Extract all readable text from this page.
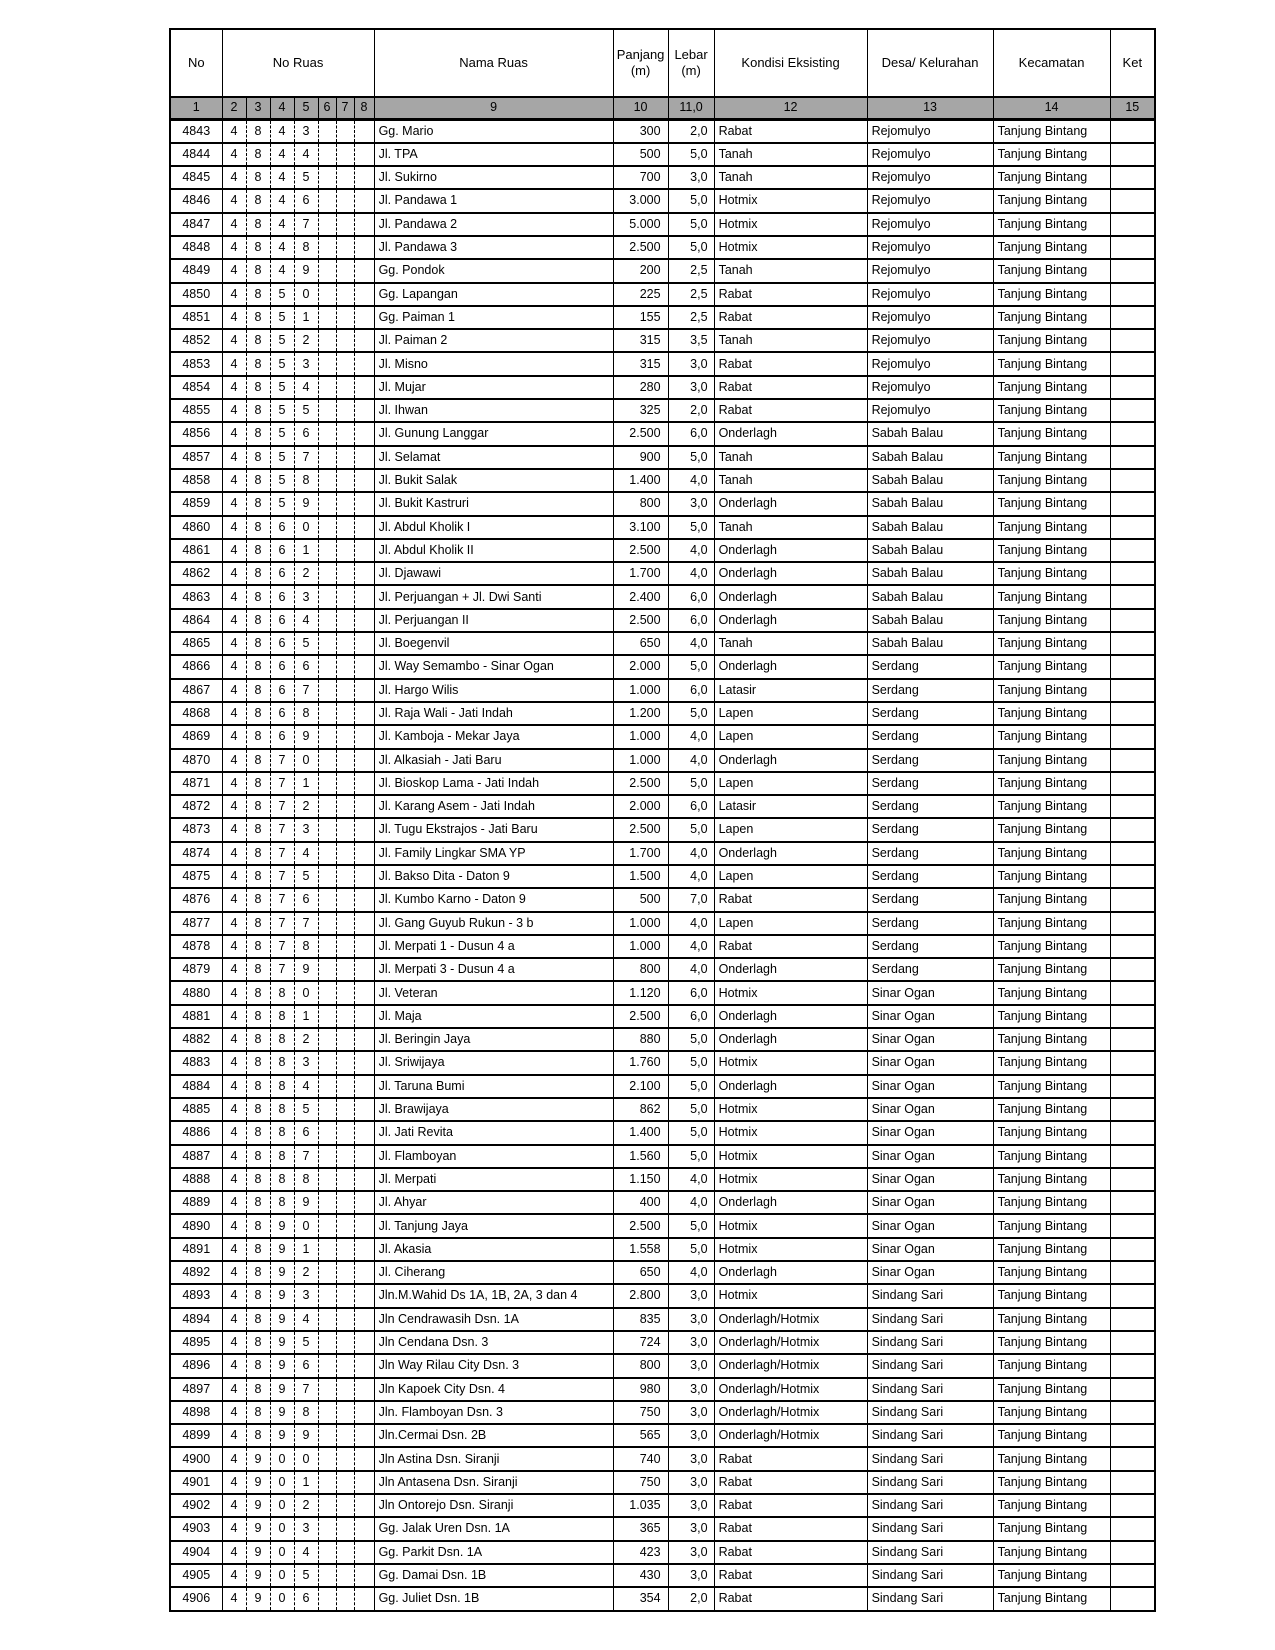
No	No Ruas							Nama Ruas	Panjang
(m)	Lebar
(m)	Kondisi Eksisting	Desa/ Kelurahan	Kecamatan	Ket
1	2	3	4	5	6	7	8	9	10	11,0	12	13	14	15
4843	4	8	4	3				Gg. Mario	300	2,0	Rabat	Rejomulyo	Tanjung Bintang	
4844	4	8	4	4				Jl. TPA	500	5,0	Tanah	Rejomulyo	Tanjung Bintang	
4845	4	8	4	5				Jl. Sukirno	700	3,0	Tanah	Rejomulyo	Tanjung Bintang	
4846	4	8	4	6				Jl. Pandawa 1	3.000	5,0	Hotmix	Rejomulyo	Tanjung Bintang	
4847	4	8	4	7				Jl. Pandawa 2	5.000	5,0	Hotmix	Rejomulyo	Tanjung Bintang	
4848	4	8	4	8				Jl. Pandawa 3	2.500	5,0	Hotmix	Rejomulyo	Tanjung Bintang	
4849	4	8	4	9				Gg. Pondok	200	2,5	Tanah	Rejomulyo	Tanjung Bintang	
4850	4	8	5	0				Gg. Lapangan	225	2,5	Rabat	Rejomulyo	Tanjung Bintang	
4851	4	8	5	1				Gg. Paiman 1	155	2,5	Rabat	Rejomulyo	Tanjung Bintang	
4852	4	8	5	2				Jl. Paiman 2	315	3,5	Tanah	Rejomulyo	Tanjung Bintang	
4853	4	8	5	3				Jl. Misno	315	3,0	Rabat	Rejomulyo	Tanjung Bintang	
4854	4	8	5	4				Jl. Mujar	280	3,0	Rabat	Rejomulyo	Tanjung Bintang	
4855	4	8	5	5				Jl. Ihwan	325	2,0	Rabat	Rejomulyo	Tanjung Bintang	
4856	4	8	5	6				Jl. Gunung Langgar	2.500	6,0	Onderlagh	Sabah Balau	Tanjung Bintang	
4857	4	8	5	7				Jl. Selamat	900	5,0	Tanah	Sabah Balau	Tanjung Bintang	
4858	4	8	5	8				Jl. Bukit Salak	1.400	4,0	Tanah	Sabah Balau	Tanjung Bintang	
4859	4	8	5	9				Jl. Bukit Kastruri	800	3,0	Onderlagh	Sabah Balau	Tanjung Bintang	
4860	4	8	6	0				Jl. Abdul Kholik I	3.100	5,0	Tanah	Sabah Balau	Tanjung Bintang	
4861	4	8	6	1				Jl. Abdul Kholik II	2.500	4,0	Onderlagh	Sabah Balau	Tanjung Bintang	
4862	4	8	6	2				Jl. Djawawi	1.700	4,0	Onderlagh	Sabah Balau	Tanjung Bintang	
4863	4	8	6	3				Jl. Perjuangan + Jl. Dwi Santi	2.400	6,0	Onderlagh	Sabah Balau	Tanjung Bintang	
4864	4	8	6	4				Jl. Perjuangan II	2.500	6,0	Onderlagh	Sabah Balau	Tanjung Bintang	
4865	4	8	6	5				Jl. Boegenvil	650	4,0	Tanah	Sabah Balau	Tanjung Bintang	
4866	4	8	6	6				Jl. Way Semambo - Sinar Ogan	2.000	5,0	Onderlagh	Serdang	Tanjung Bintang	
4867	4	8	6	7				Jl. Hargo Wilis	1.000	6,0	Latasir	Serdang	Tanjung Bintang	
4868	4	8	6	8				Jl. Raja Wali - Jati Indah	1.200	5,0	Lapen	Serdang	Tanjung Bintang	
4869	4	8	6	9				Jl. Kamboja - Mekar Jaya	1.000	4,0	Lapen	Serdang	Tanjung Bintang	
4870	4	8	7	0				Jl. Alkasiah - Jati Baru	1.000	4,0	Onderlagh	Serdang	Tanjung Bintang	
4871	4	8	7	1				Jl. Bioskop Lama - Jati Indah	2.500	5,0	Lapen	Serdang	Tanjung Bintang	
4872	4	8	7	2				Jl. Karang Asem - Jati Indah	2.000	6,0	Latasir	Serdang	Tanjung Bintang	
4873	4	8	7	3				Jl. Tugu Ekstrajos - Jati Baru	2.500	5,0	Lapen	Serdang	Tanjung Bintang	
4874	4	8	7	4				Jl. Family Lingkar SMA YP	1.700	4,0	Onderlagh	Serdang	Tanjung Bintang	
4875	4	8	7	5				Jl. Bakso Dita - Daton 9	1.500	4,0	Lapen	Serdang	Tanjung Bintang	
4876	4	8	7	6				Jl. Kumbo Karno - Daton 9	500	7,0	Rabat	Serdang	Tanjung Bintang	
4877	4	8	7	7				Jl. Gang Guyub Rukun - 3 b	1.000	4,0	Lapen	Serdang	Tanjung Bintang	
4878	4	8	7	8				Jl. Merpati 1 - Dusun 4 a	1.000	4,0	Rabat	Serdang	Tanjung Bintang	
4879	4	8	7	9				Jl. Merpati 3 - Dusun 4 a	800	4,0	Onderlagh	Serdang	Tanjung Bintang	
4880	4	8	8	0				Jl. Veteran	1.120	6,0	Hotmix	Sinar Ogan	Tanjung Bintang	
4881	4	8	8	1				Jl. Maja	2.500	6,0	Onderlagh	Sinar Ogan	Tanjung Bintang	
4882	4	8	8	2				Jl. Beringin Jaya	880	5,0	Onderlagh	Sinar Ogan	Tanjung Bintang	
4883	4	8	8	3				Jl. Sriwijaya	1.760	5,0	Hotmix	Sinar Ogan	Tanjung Bintang	
4884	4	8	8	4				Jl. Taruna Bumi	2.100	5,0	Onderlagh	Sinar Ogan	Tanjung Bintang	
4885	4	8	8	5				Jl. Brawijaya	862	5,0	Hotmix	Sinar Ogan	Tanjung Bintang	
4886	4	8	8	6				Jl. Jati Revita	1.400	5,0	Hotmix	Sinar Ogan	Tanjung Bintang	
4887	4	8	8	7				Jl. Flamboyan	1.560	5,0	Hotmix	Sinar Ogan	Tanjung Bintang	
4888	4	8	8	8				Jl. Merpati	1.150	4,0	Hotmix	Sinar Ogan	Tanjung Bintang	
4889	4	8	8	9				Jl. Ahyar	400	4,0	Onderlagh	Sinar Ogan	Tanjung Bintang	
4890	4	8	9	0				Jl. Tanjung Jaya	2.500	5,0	Hotmix	Sinar Ogan	Tanjung Bintang	
4891	4	8	9	1				Jl. Akasia	1.558	5,0	Hotmix	Sinar Ogan	Tanjung Bintang	
4892	4	8	9	2				Jl. Ciherang	650	4,0	Onderlagh	Sinar Ogan	Tanjung Bintang	
4893	4	8	9	3				Jln.M.Wahid Ds 1A, 1B, 2A, 3 dan 4	2.800	3,0	Hotmix	Sindang Sari	Tanjung Bintang	
4894	4	8	9	4				Jln Cendrawasih Dsn. 1A	835	3,0	Onderlagh/Hotmix	Sindang Sari	Tanjung Bintang	
4895	4	8	9	5				Jln Cendana Dsn. 3	724	3,0	Onderlagh/Hotmix	Sindang Sari	Tanjung Bintang	
4896	4	8	9	6				Jln Way Rilau City Dsn. 3	800	3,0	Onderlagh/Hotmix	Sindang Sari	Tanjung Bintang	
4897	4	8	9	7				Jln Kapoek City Dsn. 4	980	3,0	Onderlagh/Hotmix	Sindang Sari	Tanjung Bintang	
4898	4	8	9	8				Jln. Flamboyan Dsn. 3	750	3,0	Onderlagh/Hotmix	Sindang Sari	Tanjung Bintang	
4899	4	8	9	9				Jln.Cermai Dsn. 2B	565	3,0	Onderlagh/Hotmix	Sindang Sari	Tanjung Bintang	
4900	4	9	0	0				Jln Astina Dsn. Siranji	740	3,0	Rabat	Sindang Sari	Tanjung Bintang	
4901	4	9	0	1				Jln Antasena Dsn. Siranji	750	3,0	Rabat	Sindang Sari	Tanjung Bintang	
4902	4	9	0	2				Jln Ontorejo Dsn. Siranji	1.035	3,0	Rabat	Sindang Sari	Tanjung Bintang	
4903	4	9	0	3				Gg. Jalak Uren Dsn. 1A	365	3,0	Rabat	Sindang Sari	Tanjung Bintang	
4904	4	9	0	4				Gg. Parkit Dsn. 1A	423	3,0	Rabat	Sindang Sari	Tanjung Bintang	
4905	4	9	0	5				Gg. Damai Dsn. 1B	430	3,0	Rabat	Sindang Sari	Tanjung Bintang	
4906	4	9	0	6				Gg. Juliet Dsn. 1B	354	2,0	Rabat	Sindang Sari	Tanjung Bintang	
